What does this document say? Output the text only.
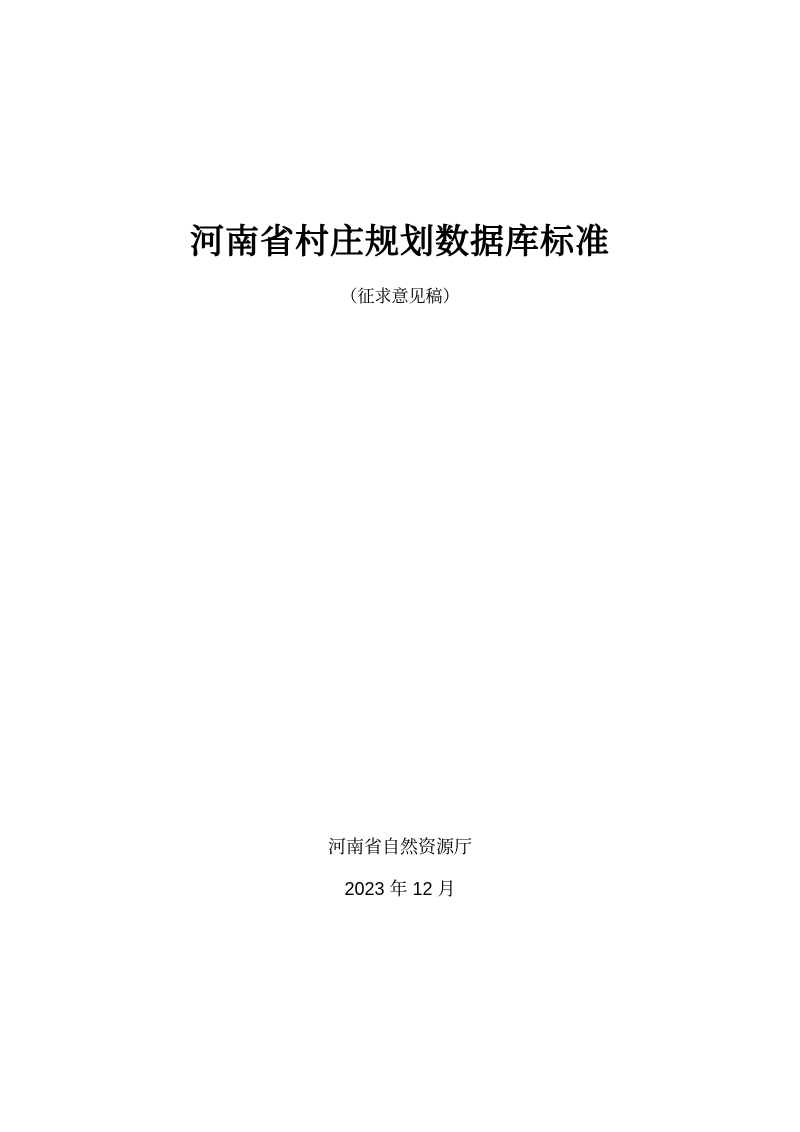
河南省村庄规划数据库标准
（征求意见稿）
河南省自然资源厅
2023 年 12 月
